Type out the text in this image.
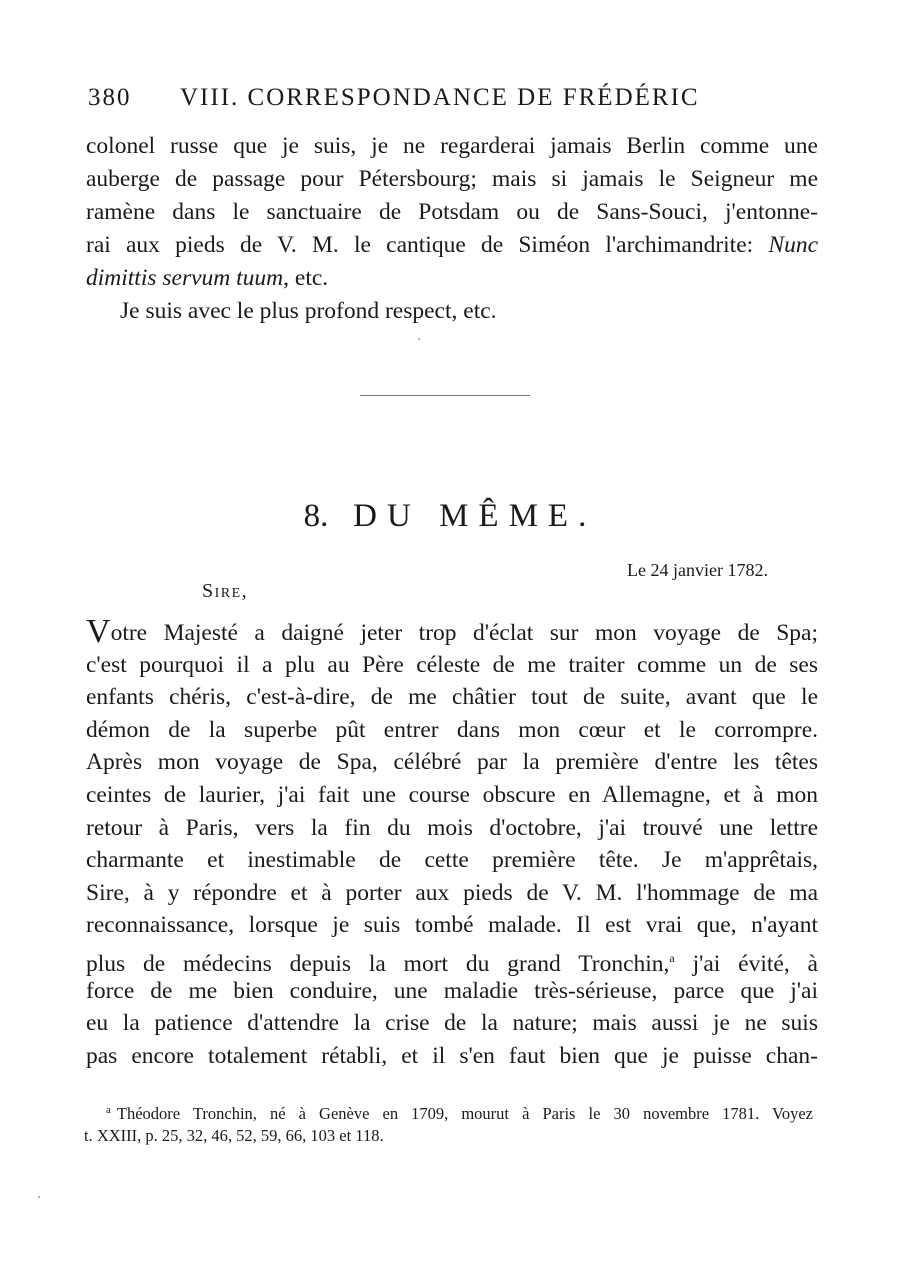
380 VIII. CORRESPONDANCE DE FRÉDÉRIC
colonel russe que je suis, je ne regarderai jamais Berlin comme une
auberge de passage pour Pétersbourg; mais si jamais le Seigneur me
ramène dans le sanctuaire de Potsdam ou de Sans-Souci, j'entonne-
rai aux pieds de V. M. le cantique de Siméon l'archimandrite: Nunc
dimittis servum tuum, etc.
Je suis avec le plus profond respect, etc.
8. DU MÊME.
Le 24 janvier 1782.
Sire,
Votre Majesté a daigné jeter trop d'éclat sur mon voyage de Spa;
c'est pourquoi il a plu au Père céleste de me traiter comme un de ses
enfants chéris, c'est-à-dire, de me châtier tout de suite, avant que le
démon de la superbe pût entrer dans mon cœur et le corrompre.
Après mon voyage de Spa, célébré par la première d'entre les têtes
ceintes de laurier, j'ai fait une course obscure en Allemagne, et à mon
retour à Paris, vers la fin du mois d'octobre, j'ai trouvé une lettre
charmante et inestimable de cette première tête. Je m'apprêtais,
Sire, à y répondre et à porter aux pieds de V. M. l'hommage de ma
reconnaissance, lorsque je suis tombé malade. Il est vrai que, n'ayant
plus de médecins depuis la mort du grand Tronchin,$^a$ j'ai évité, à
force de me bien conduire, une maladie très-sérieuse, parce que j'ai
eu la patience d'attendre la crise de la nature; mais aussi je ne suis
pas encore totalement rétabli, et il s'en faut bien que je puisse chan-
$^a$ Théodore Tronchin, né à Genève en 1709, mourut à Paris le 30 novembre 1781. Voyez
t. XXIII, p. 25, 32, 46, 52, 59, 66, 103 et 118.
